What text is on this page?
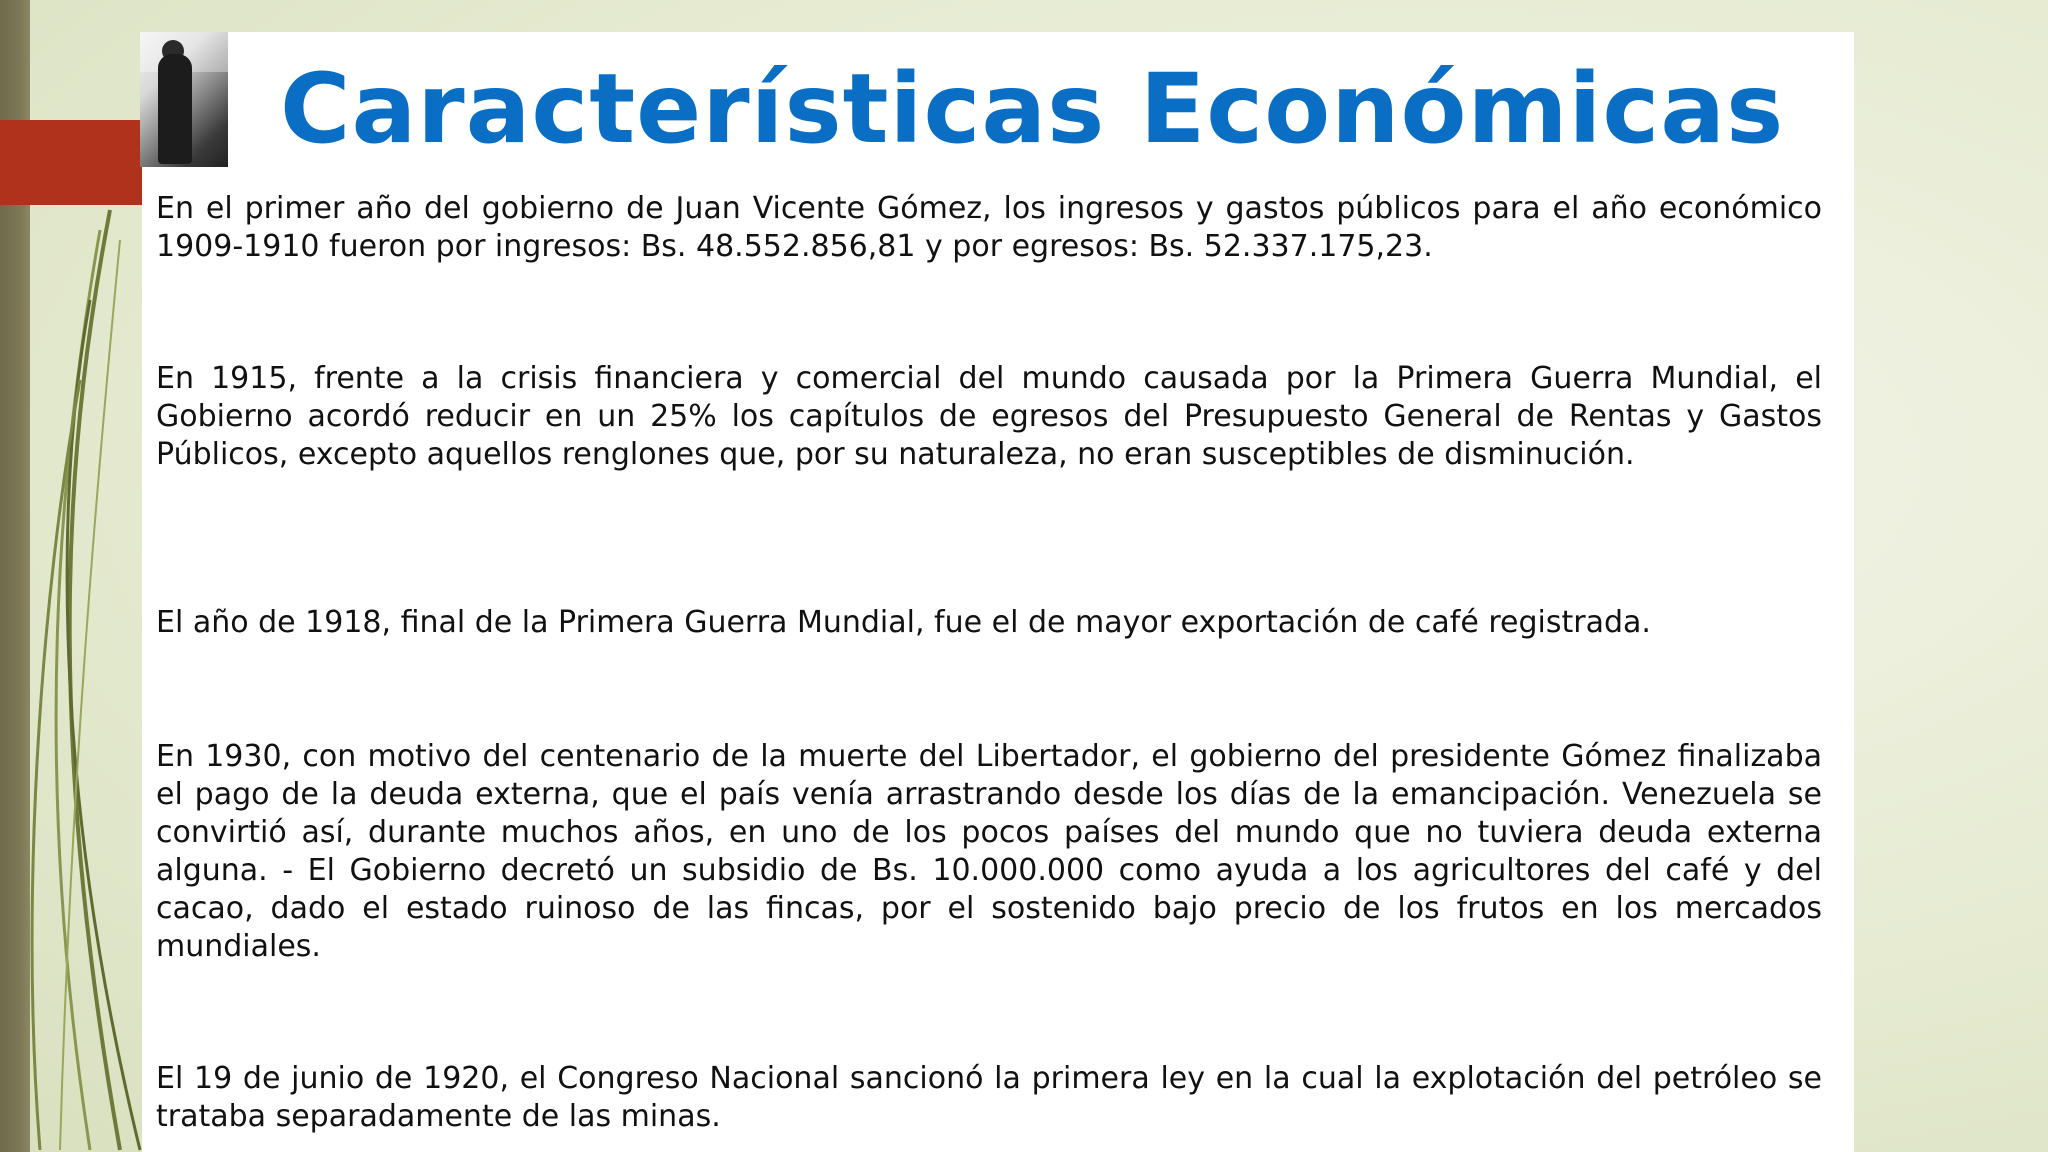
Características Económicas

En el primer año del gobierno de Juan Vicente Gómez, los ingresos y gastos públicos para el año económico 1909-1910 fueron por ingresos: Bs. 48.552.856,81 y por egresos: Bs. 52.337.175,23.

En 1915, frente a la crisis financiera y comercial del mundo causada por la Primera Guerra Mundial, el Gobierno acordó reducir en un 25% los capítulos de egresos del Presupuesto General de Rentas y Gastos Públicos, excepto aquellos renglones que, por su naturaleza, no eran susceptibles de disminución.

El año de 1918, final de la Primera Guerra Mundial, fue el de mayor exportación de café registrada.

En 1930, con motivo del centenario de la muerte del Libertador, el gobierno del presidente Gómez finalizaba el pago de la deuda externa, que el país venía arrastrando desde los días de la emancipación. Venezuela se convirtió así, durante muchos años, en uno de los pocos países del mundo que no tuviera deuda externa alguna. - El Gobierno decretó un subsidio de Bs. 10.000.000 como ayuda a los agricultores del café y del cacao, dado el estado ruinoso de las fincas, por el sostenido bajo precio de los frutos en los mercados mundiales.

El 19 de junio de 1920, el Congreso Nacional sancionó la primera ley en la cual la explotación del petróleo se trataba separadamente de las minas.
